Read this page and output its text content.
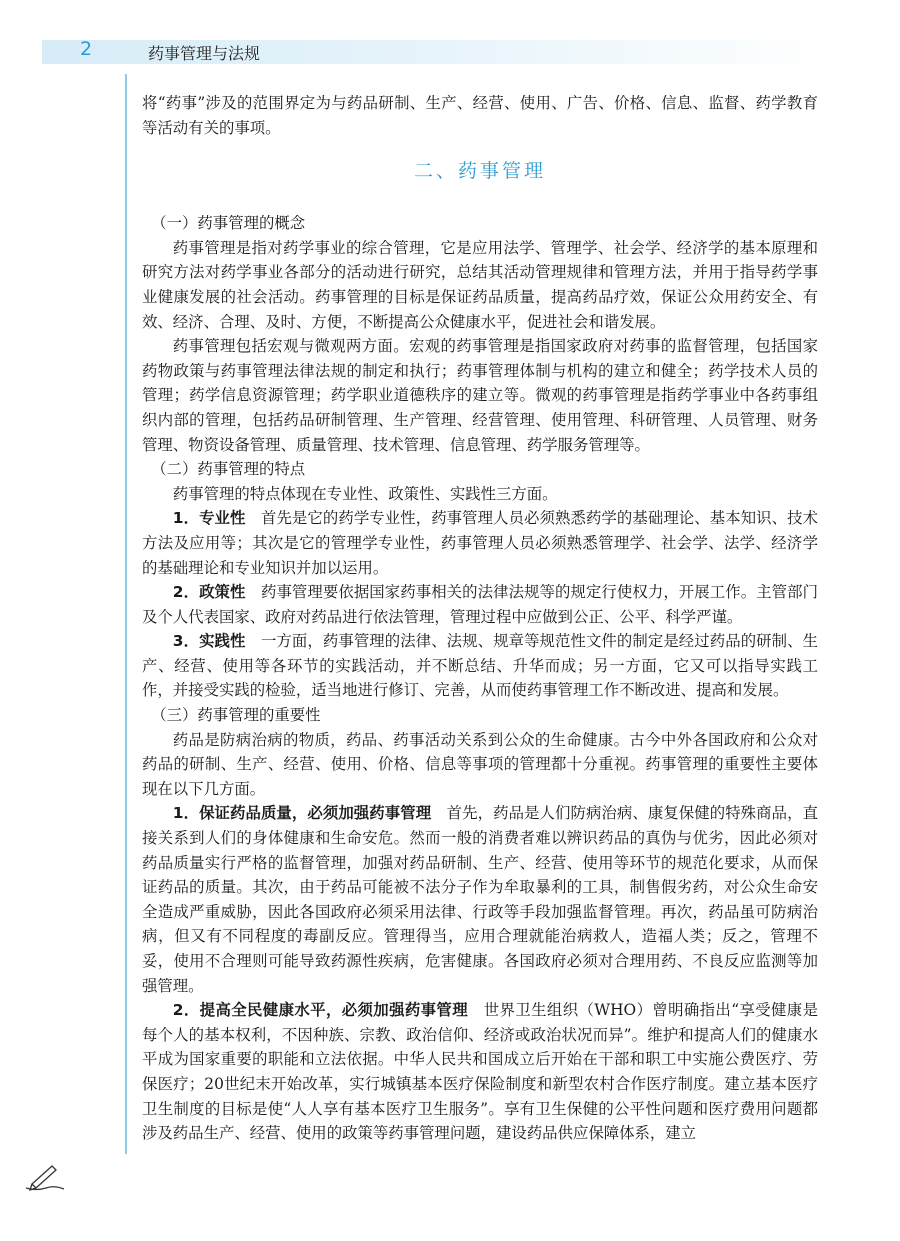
2	药事管理与法规

将“药事”涉及的范围界定为与药品研制、生产、经营、使用、广告、价格、信息、监督、药学教育等活动有关的事项。

二、药事管理

（一）药事管理的概念

药事管理是指对药学事业的综合管理，它是应用法学、管理学、社会学、经济学的基本原理和研究方法对药学事业各部分的活动进行研究，总结其活动管理规律和管理方法，并用于指导药学事业健康发展的社会活动。药事管理的目标是保证药品质量，提高药品疗效，保证公众用药安全、有效、经济、合理、及时、方便，不断提高公众健康水平，促进社会和谐发展。

药事管理包括宏观与微观两方面。宏观的药事管理是指国家政府对药事的监督管理，包括国家药物政策与药事管理法律法规的制定和执行；药事管理体制与机构的建立和健全；药学技术人员的管理；药学信息资源管理；药学职业道德秩序的建立等。微观的药事管理是指药学事业中各药事组织内部的管理，包括药品研制管理、生产管理、经营管理、使用管理、科研管理、人员管理、财务管理、物资设备管理、质量管理、技术管理、信息管理、药学服务管理等。

（二）药事管理的特点

药事管理的特点体现在专业性、政策性、实践性三方面。

1．专业性　 首先是它的药学专业性，药事管理人员必须熟悉药学的基础理论、基本知识、技术方法及应用等；其次是它的管理学专业性，药事管理人员必须熟悉管理学、社会学、法学、经济学的基础理论和专业知识并加以运用。

2．政策性　 药事管理要依据国家药事相关的法律法规等的规定行使权力，开展工作。主管部门及个人代表国家、政府对药品进行依法管理，管理过程中应做到公正、公平、科学严谨。

3．实践性　 一方面，药事管理的法律、法规、规章等规范性文件的制定是经过药品的研制、生产、经营、使用等各环节的实践活动，并不断总结、升华而成；另一方面，它又可以指导实践工作，并接受实践的检验，适当地进行修订、完善，从而使药事管理工作不断改进、提高和发展。

（三）药事管理的重要性

药品是防病治病的物质，药品、药事活动关系到公众的生命健康。古今中外各国政府和公众对药品的研制、生产、经营、使用、价格、信息等事项的管理都十分重视。药事管理的重要性主要体现在以下几方面。

1．保证药品质量，必须加强药事管理　 首先，药品是人们防病治病、康复保健的特殊商品，直接关系到人们的身体健康和生命安危。然而一般的消费者难以辨识药品的真伪与优劣，因此必须对药品质量实行严格的监督管理，加强对药品研制、生产、经营、使用等环节的规范化要求，从而保证药品的质量。其次，由于药品可能被不法分子作为牟取暴利的工具，制售假劣药，对公众生命安全造成严重威胁，因此各国政府必须采用法律、行政等手段加强监督管理。再次，药品虽可防病治病，但又有不同程度的毒副反应。管理得当，应用合理就能治病救人，造福人类；反之，管理不妥，使用不合理则可能导致药源性疾病，危害健康。各国政府必须对合理用药、不良反应监测等加强管理。

2．提高全民健康水平，必须加强药事管理　 世界卫生组织（WHO）曾明确指出“享受健康是每个人的基本权利，不因种族、宗教、政治信仰、经济或政治状况而异”。维护和提高人们的健康水平成为国家重要的职能和立法依据。中华人民共和国成立后开始在干部和职工中实施公费医疗、劳保医疗；20世纪末开始改革，实行城镇基本医疗保险制度和新型农村合作医疗制度。建立基本医疗卫生制度的目标是使“人人享有基本医疗卫生服务”。享有卫生保健的公平性问题和医疗费用问题都涉及药品生产、经营、使用的政策等药事管理问题，建设药品供应保障体系，建立
